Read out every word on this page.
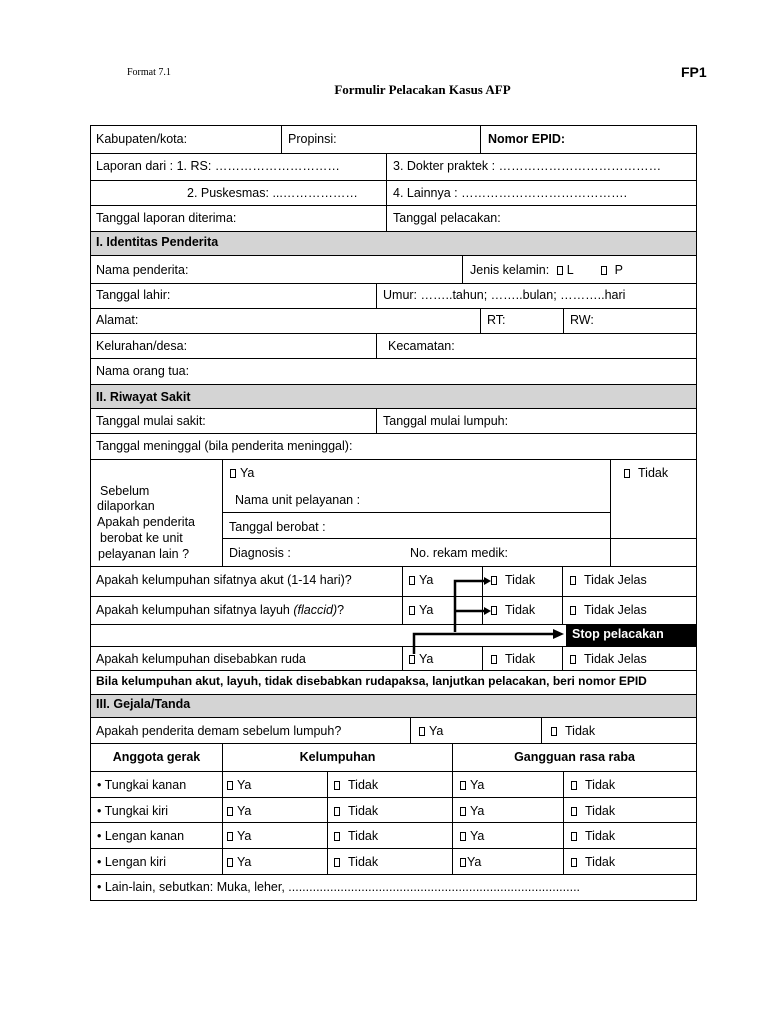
Format 7.1	FP1
Formulir Pelacakan Kasus AFP
Kabupaten/kota:	Propinsi:	Nomor EPID:
Laporan dari : 1. RS: …………………………	3. Dokter praktek : …………………………………
2. Puskesmas: ...………………	4. Lainnya : ………………………………….
Tanggal laporan diterima:	Tanggal pelacakan:
I. Identitas Penderita
Nama penderita:	Jenis kelamin: L	P
Tanggal lahir:	Umur: ……..tahun; ……..bulan; ………..hari
Alamat:	RT:	RW:
Kelurahan/desa:	Kecamatan:
Nama orang tua:
II. Riwayat Sakit
Tanggal mulai sakit:	Tanggal mulai lumpuh:
Tanggal meninggal (bila penderita meninggal):
Sebelum
dilaporkan
Apakah penderita
berobat ke unit
pelayanan lain ?
Ya	Tidak
Nama unit pelayanan :
Tanggal berobat :
Diagnosis :	No. rekam medik:
Apakah kelumpuhan sifatnya akut (1-14 hari)?	Ya	Tidak	Tidak Jelas
Apakah kelumpuhan sifatnya layuh (flaccid)?	Ya	Tidak	Tidak Jelas
Stop pelacakan
Apakah kelumpuhan disebabkan ruda	Ya	Tidak	Tidak Jelas
Bila kelumpuhan akut, layuh, tidak disebabkan rudapaksa, lanjutkan pelacakan, beri nomor EPID
III. Gejala/Tanda
Apakah penderita demam sebelum lumpuh?	Ya	Tidak
Anggota gerak	Kelumpuhan	Gangguan rasa raba
• Tungkai kanan	Ya	Tidak	Ya	Tidak
• Tungkai kiri	Ya	Tidak	Ya	Tidak
• Lengan kanan	Ya	Tidak	Ya	Tidak
• Lengan kiri	Ya	Tidak	Ya	Tidak
• Lain-lain, sebutkan: Muka, leher, ....................................................................................
